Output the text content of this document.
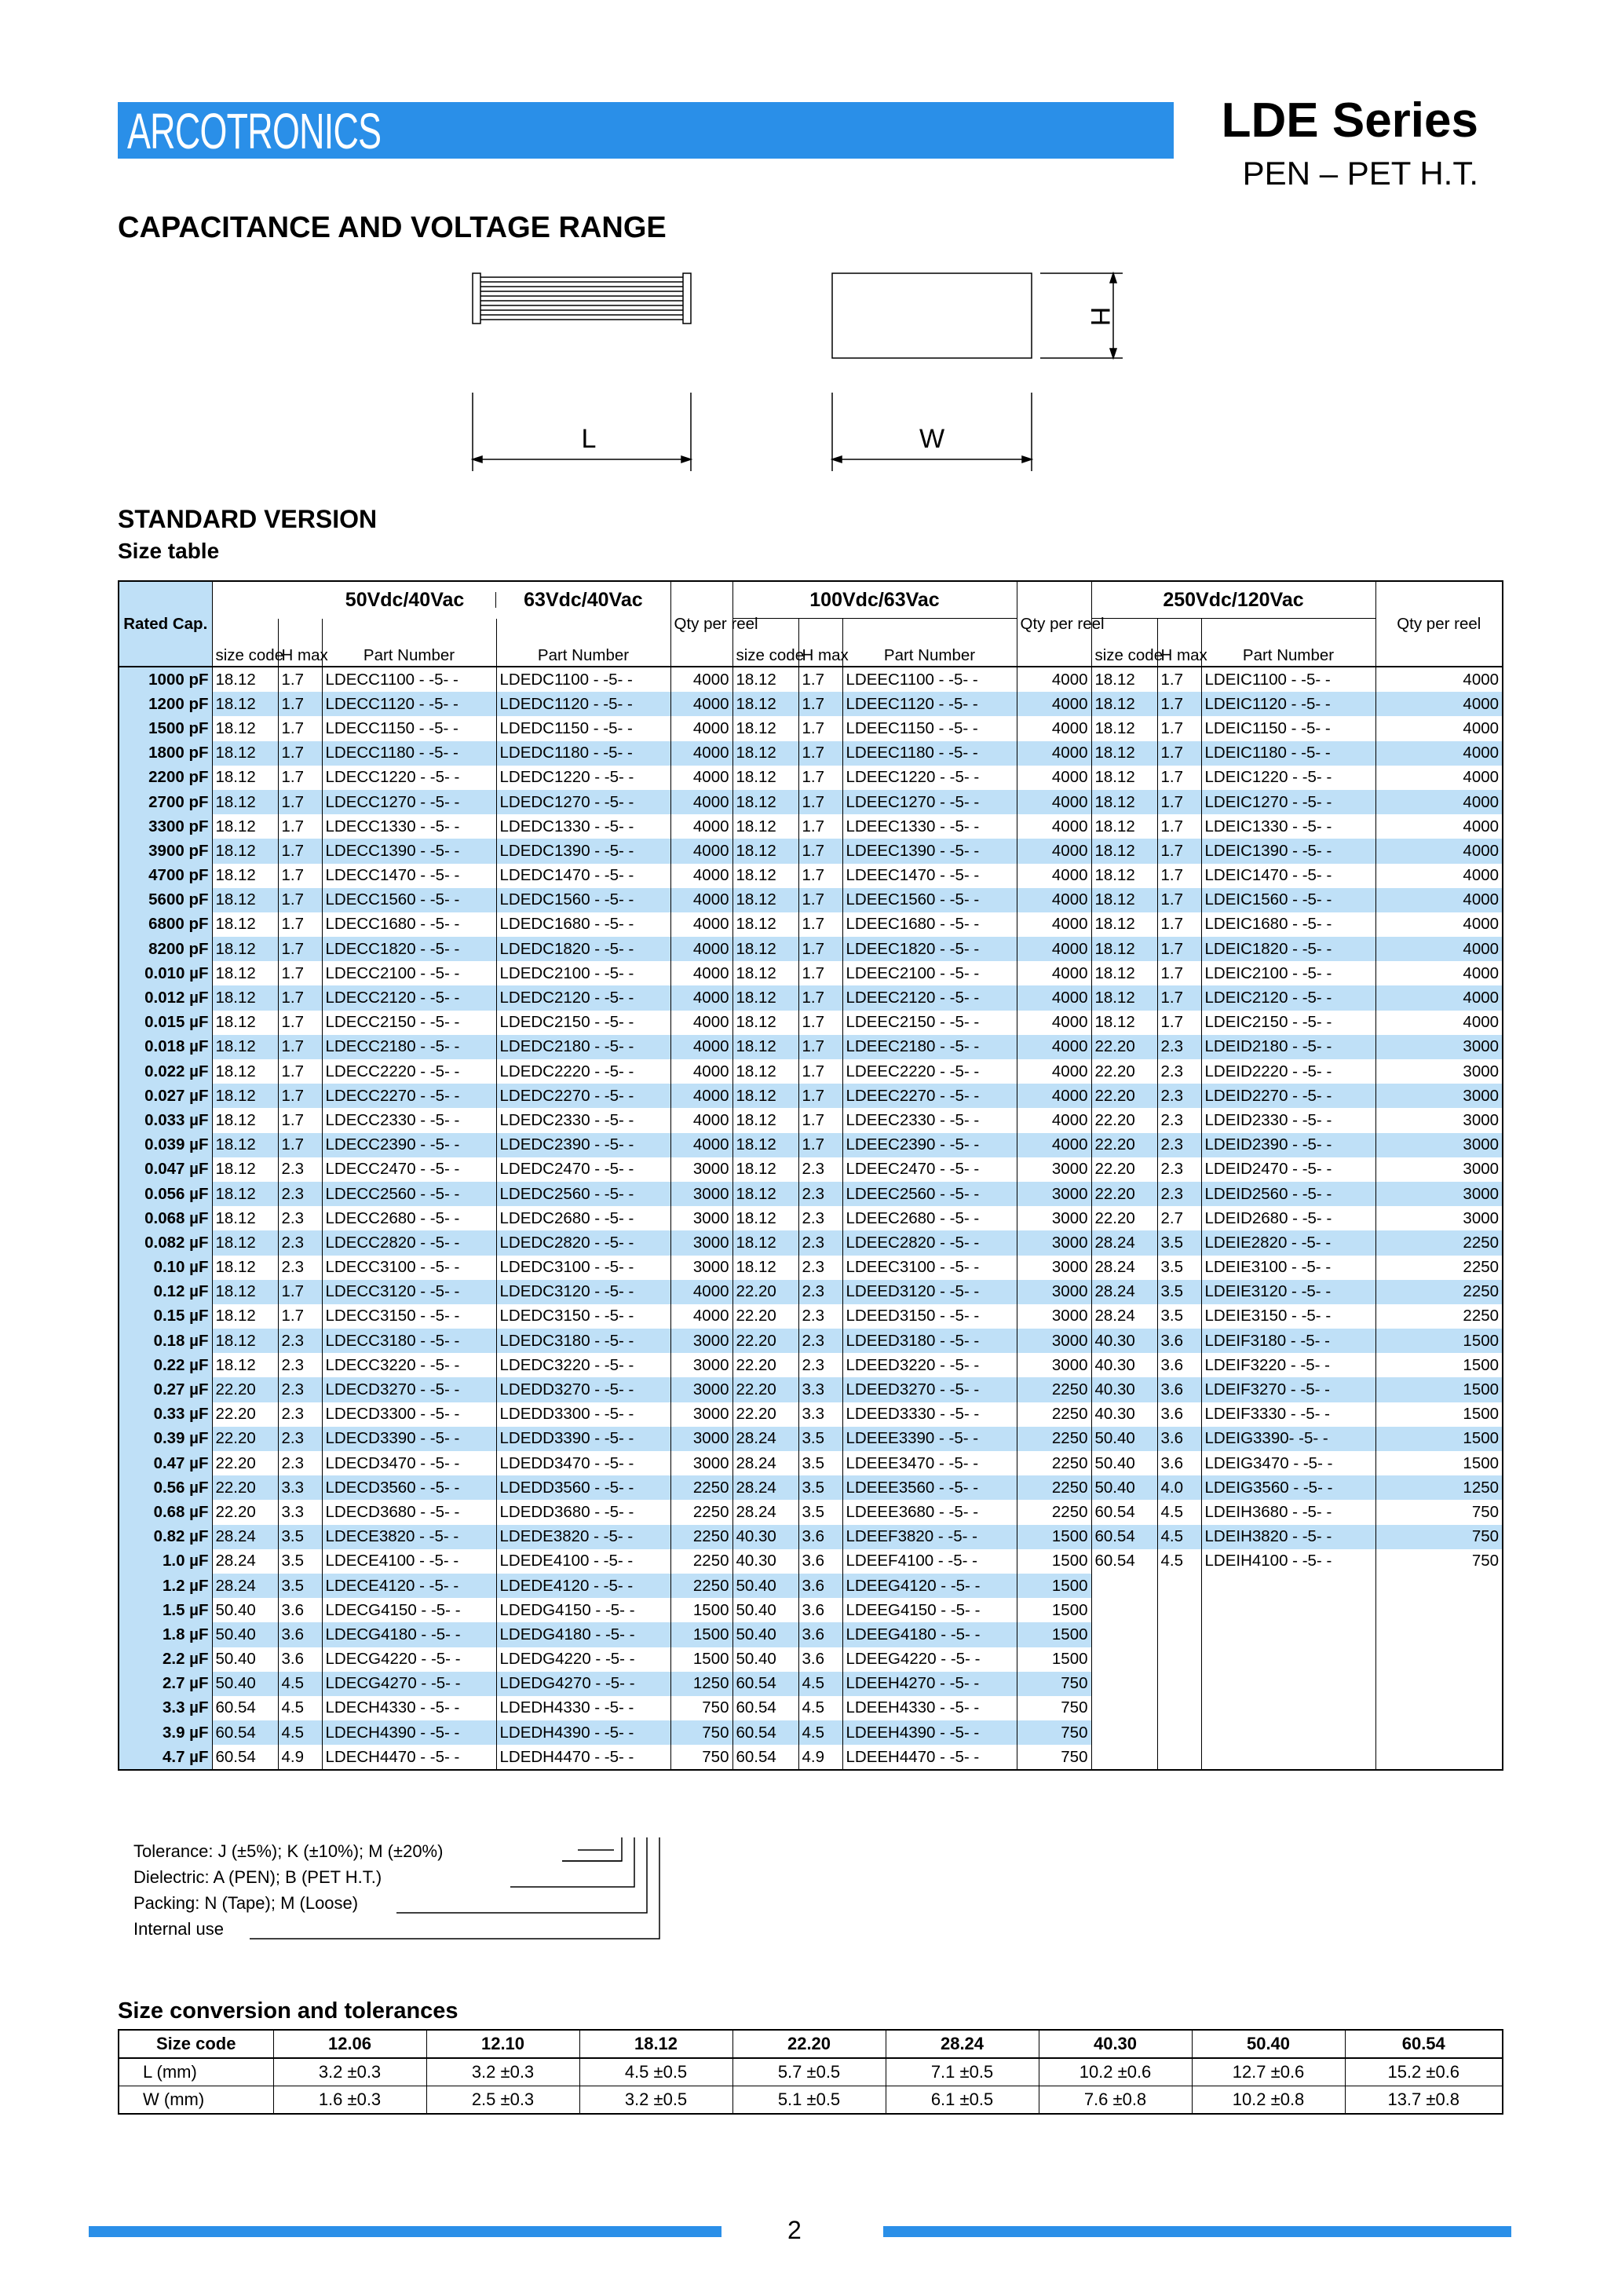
ARCOTRONICS	LDE Series
PEN – PET H.T.
CAPACITANCE AND VOLTAGE RANGE
L
H
W
STANDARD VERSION
Size table
Rated Cap.	50Vdc/40Vac 63Vdc/40Vac				Qty per reel	100Vdc/63Vac			Qty per reel	250Vdc/120Vac			Qty per reel
	size code	H max	Part Number	Part Number		size code	H max	Part Number		size code	H max	Part Number	
1000 pF	18.12	1.7	LDECC1100 - -5- -	LDEDC1100 - -5- -	4000	18.12	1.7	LDEEC1100 - -5- -	4000	18.12	1.7	LDEIC1100 - -5- -	4000
1200 pF	18.12	1.7	LDECC1120 - -5- -	LDEDC1120 - -5- -	4000	18.12	1.7	LDEEC1120 - -5- -	4000	18.12	1.7	LDEIC1120 - -5- -	4000
1500 pF	18.12	1.7	LDECC1150 - -5- -	LDEDC1150 - -5- -	4000	18.12	1.7	LDEEC1150 - -5- -	4000	18.12	1.7	LDEIC1150 - -5- -	4000
1800 pF	18.12	1.7	LDECC1180 - -5- -	LDEDC1180 - -5- -	4000	18.12	1.7	LDEEC1180 - -5- -	4000	18.12	1.7	LDEIC1180 - -5- -	4000
2200 pF	18.12	1.7	LDECC1220 - -5- -	LDEDC1220 - -5- -	4000	18.12	1.7	LDEEC1220 - -5- -	4000	18.12	1.7	LDEIC1220 - -5- -	4000
2700 pF	18.12	1.7	LDECC1270 - -5- -	LDEDC1270 - -5- -	4000	18.12	1.7	LDEEC1270 - -5- -	4000	18.12	1.7	LDEIC1270 - -5- -	4000
3300 pF	18.12	1.7	LDECC1330 - -5- -	LDEDC1330 - -5- -	4000	18.12	1.7	LDEEC1330 - -5- -	4000	18.12	1.7	LDEIC1330 - -5- -	4000
3900 pF	18.12	1.7	LDECC1390 - -5- -	LDEDC1390 - -5- -	4000	18.12	1.7	LDEEC1390 - -5- -	4000	18.12	1.7	LDEIC1390 - -5- -	4000
4700 pF	18.12	1.7	LDECC1470 - -5- -	LDEDC1470 - -5- -	4000	18.12	1.7	LDEEC1470 - -5- -	4000	18.12	1.7	LDEIC1470 - -5- -	4000
5600 pF	18.12	1.7	LDECC1560 - -5- -	LDEDC1560 - -5- -	4000	18.12	1.7	LDEEC1560 - -5- -	4000	18.12	1.7	LDEIC1560 - -5- -	4000
6800 pF	18.12	1.7	LDECC1680 - -5- -	LDEDC1680 - -5- -	4000	18.12	1.7	LDEEC1680 - -5- -	4000	18.12	1.7	LDEIC1680 - -5- -	4000
8200 pF	18.12	1.7	LDECC1820 - -5- -	LDEDC1820 - -5- -	4000	18.12	1.7	LDEEC1820 - -5- -	4000	18.12	1.7	LDEIC1820 - -5- -	4000
0.010 µF	18.12	1.7	LDECC2100 - -5- -	LDEDC2100 - -5- -	4000	18.12	1.7	LDEEC2100 - -5- -	4000	18.12	1.7	LDEIC2100 - -5- -	4000
0.012 µF	18.12	1.7	LDECC2120 - -5- -	LDEDC2120 - -5- -	4000	18.12	1.7	LDEEC2120 - -5- -	4000	18.12	1.7	LDEIC2120 - -5- -	4000
0.015 µF	18.12	1.7	LDECC2150 - -5- -	LDEDC2150 - -5- -	4000	18.12	1.7	LDEEC2150 - -5- -	4000	18.12	1.7	LDEIC2150 - -5- -	4000
0.018 µF	18.12	1.7	LDECC2180 - -5- -	LDEDC2180 - -5- -	4000	18.12	1.7	LDEEC2180 - -5- -	4000	22.20	2.3	LDEID2180 - -5- -	3000
0.022 µF	18.12	1.7	LDECC2220 - -5- -	LDEDC2220 - -5- -	4000	18.12	1.7	LDEEC2220 - -5- -	4000	22.20	2.3	LDEID2220 - -5- -	3000
0.027 µF	18.12	1.7	LDECC2270 - -5- -	LDEDC2270 - -5- -	4000	18.12	1.7	LDEEC2270 - -5- -	4000	22.20	2.3	LDEID2270 - -5- -	3000
0.033 µF	18.12	1.7	LDECC2330 - -5- -	LDEDC2330 - -5- -	4000	18.12	1.7	LDEEC2330 - -5- -	4000	22.20	2.3	LDEID2330 - -5- -	3000
0.039 µF	18.12	1.7	LDECC2390 - -5- -	LDEDC2390 - -5- -	4000	18.12	1.7	LDEEC2390 - -5- -	4000	22.20	2.3	LDEID2390 - -5- -	3000
0.047 µF	18.12	2.3	LDECC2470 - -5- -	LDEDC2470 - -5- -	3000	18.12	2.3	LDEEC2470 - -5- -	3000	22.20	2.3	LDEID2470 - -5- -	3000
0.056 µF	18.12	2.3	LDECC2560 - -5- -	LDEDC2560 - -5- -	3000	18.12	2.3	LDEEC2560 - -5- -	3000	22.20	2.3	LDEID2560 - -5- -	3000
0.068 µF	18.12	2.3	LDECC2680 - -5- -	LDEDC2680 - -5- -	3000	18.12	2.3	LDEEC2680 - -5- -	3000	22.20	2.7	LDEID2680 - -5- -	3000
0.082 µF	18.12	2.3	LDECC2820 - -5- -	LDEDC2820 - -5- -	3000	18.12	2.3	LDEEC2820 - -5- -	3000	28.24	3.5	LDEIE2820 - -5- -	2250
0.10 µF	18.12	2.3	LDECC3100 - -5- -	LDEDC3100 - -5- -	3000	18.12	2.3	LDEEC3100 - -5- -	3000	28.24	3.5	LDEIE3100 - -5- -	2250
0.12 µF	18.12	1.7	LDECC3120 - -5- -	LDEDC3120 - -5- -	4000	22.20	2.3	LDEED3120 - -5- -	3000	28.24	3.5	LDEIE3120 - -5- -	2250
0.15 µF	18.12	1.7	LDECC3150 - -5- -	LDEDC3150 - -5- -	4000	22.20	2.3	LDEED3150 - -5- -	3000	28.24	3.5	LDEIE3150 - -5- -	2250
0.18 µF	18.12	2.3	LDECC3180 - -5- -	LDEDC3180 - -5- -	3000	22.20	2.3	LDEED3180 - -5- -	3000	40.30	3.6	LDEIF3180 - -5- -	1500
0.22 µF	18.12	2.3	LDECC3220 - -5- -	LDEDC3220 - -5- -	3000	22.20	2.3	LDEED3220 - -5- -	3000	40.30	3.6	LDEIF3220 - -5- -	1500
0.27 µF	22.20	2.3	LDECD3270 - -5- -	LDEDD3270 - -5- -	3000	22.20	3.3	LDEED3270 - -5- -	2250	40.30	3.6	LDEIF3270 - -5- -	1500
0.33 µF	22.20	2.3	LDECD3300 - -5- -	LDEDD3300 - -5- -	3000	22.20	3.3	LDEED3330 - -5- -	2250	40.30	3.6	LDEIF3330 - -5- -	1500
0.39 µF	22.20	2.3	LDECD3390 - -5- -	LDEDD3390 - -5- -	3000	28.24	3.5	LDEEE3390 - -5- -	2250	50.40	3.6	LDEIG3390- -5- -	1500
0.47 µF	22.20	2.3	LDECD3470 - -5- -	LDEDD3470 - -5- -	3000	28.24	3.5	LDEEE3470 - -5- -	2250	50.40	3.6	LDEIG3470 - -5- -	1500
0.56 µF	22.20	3.3	LDECD3560 - -5- -	LDEDD3560 - -5- -	2250	28.24	3.5	LDEEE3560 - -5- -	2250	50.40	4.0	LDEIG3560 - -5- -	1250
0.68 µF	22.20	3.3	LDECD3680 - -5- -	LDEDD3680 - -5- -	2250	28.24	3.5	LDEEE3680 - -5- -	2250	60.54	4.5	LDEIH3680 - -5- -	750
0.82 µF	28.24	3.5	LDECE3820 - -5- -	LDEDE3820 - -5- -	2250	40.30	3.6	LDEEF3820 - -5- -	1500	60.54	4.5	LDEIH3820 - -5- -	750
1.0 µF	28.24	3.5	LDECE4100 - -5- -	LDEDE4100 - -5- -	2250	40.30	3.6	LDEEF4100 - -5- -	1500	60.54	4.5	LDEIH4100 - -5- -	750
1.2 µF	28.24	3.5	LDECE4120 - -5- -	LDEDE4120 - -5- -	2250	50.40	3.6	LDEEG4120 - -5- -	1500				
1.5 µF	50.40	3.6	LDECG4150 - -5- -	LDEDG4150 - -5- -	1500	50.40	3.6	LDEEG4150 - -5- -	1500				
1.8 µF	50.40	3.6	LDECG4180 - -5- -	LDEDG4180 - -5- -	1500	50.40	3.6	LDEEG4180 - -5- -	1500				
2.2 µF	50.40	3.6	LDECG4220 - -5- -	LDEDG4220 - -5- -	1500	50.40	3.6	LDEEG4220 - -5- -	1500				
2.7 µF	50.40	4.5	LDECG4270 - -5- -	LDEDG4270 - -5- -	1250	60.54	4.5	LDEEH4270 - -5- -	750				
3.3 µF	60.54	4.5	LDECH4330 - -5- -	LDEDH4330 - -5- -	750	60.54	4.5	LDEEH4330 - -5- -	750				
3.9 µF	60.54	4.5	LDECH4390 - -5- -	LDEDH4390 - -5- -	750	60.54	4.5	LDEEH4390 - -5- -	750				
4.7 µF	60.54	4.9	LDECH4470 - -5- -	LDEDH4470 - -5- -	750	60.54	4.9	LDEEH4470 - -5- -	750				
Tolerance: J (±5%); K (±10%); M (±20%)
Dielectric: A (PEN); B (PET H.T.)
Packing: N (Tape); M (Loose)
Internal use
Size conversion and tolerances
Size code	12.06	12.10	18.12	22.20	28.24	40.30	50.40	60.54
L (mm)	3.2 ±0.3	3.2 ±0.3	4.5 ±0.5	5.7 ±0.5	7.1 ±0.5	10.2 ±0.6	12.7 ±0.6	15.2 ±0.6
W (mm)	1.6 ±0.3	2.5 ±0.3	3.2 ±0.5	5.1 ±0.5	6.1 ±0.5	7.6 ±0.8	10.2 ±0.8	13.7 ±0.8
2
